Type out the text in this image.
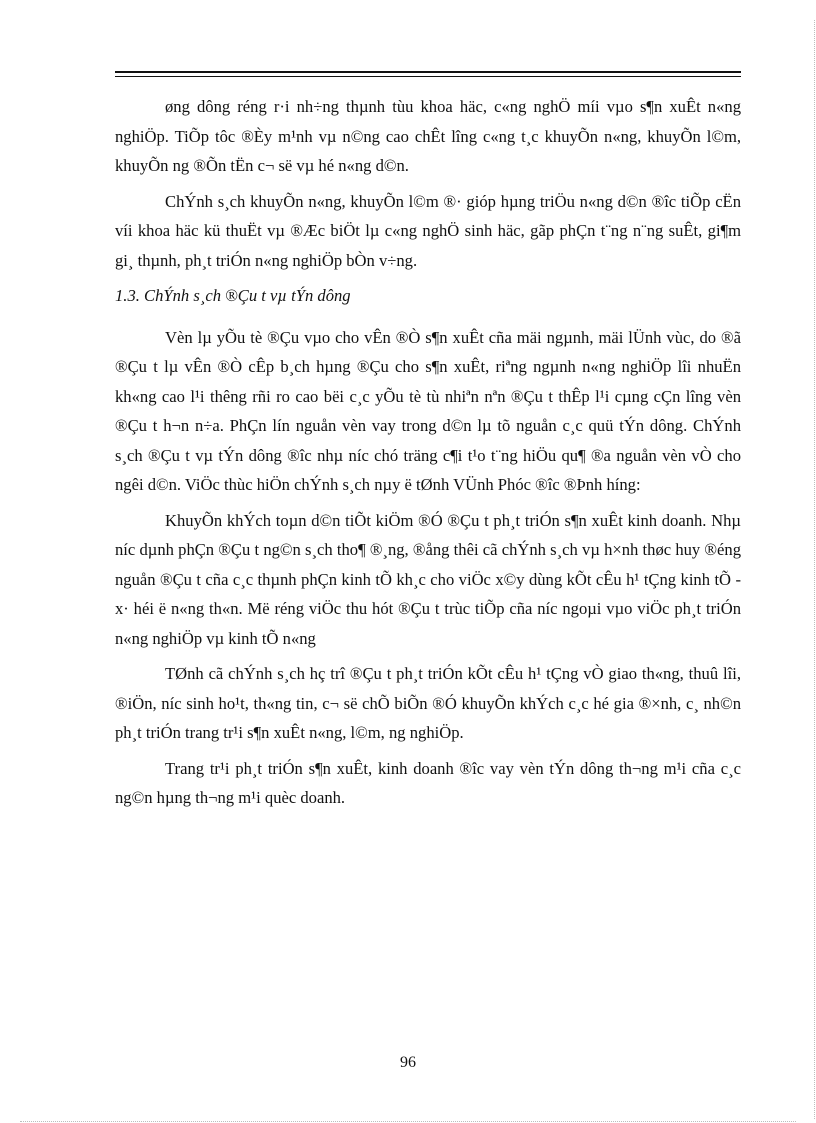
øng dông réng r·i nh÷ng thµnh tùu khoa häc, c«ng nghÖ míi vµo s¶n xuÊt n«ng nghiÖp. TiÕp tôc ®Èy m¹nh vµ n©ng cao chÊt lîng c«ng t¸c khuyÕn n«ng, khuyÕn l©m, khuyÕn ng ®Õn tËn c¬ së vµ hé n«ng d©n.

ChÝnh s¸ch khuyÕn n«ng, khuyÕn l©m ®· gióp hµng triÖu n«ng d©n ®îc tiÕp cËn víi khoa häc kü thuËt vµ ®Æc biÖt lµ c«ng nghÖ sinh häc, gãp phÇn t¨ng n¨ng suÊt, gi¶m gi¸ thµnh, ph¸t triÓn n«ng nghiÖp bÒn v÷ng.

1.3. ChÝnh s¸ch ®Çu t vµ tÝn dông

Vèn lµ yÕu tè ®Çu vµo cho vÊn ®Ò s¶n xuÊt cña mäi ngµnh, mäi lÜnh vùc, do ®ã ®Çu t lµ vÊn ®Ò cÊp b¸ch hµng ®Çu cho s¶n xuÊt, riªng ngµnh n«ng nghiÖp lîi nhuËn kh«ng cao l¹i thêng rñi ro cao bëi c¸c yÕu tè tù nhiªn nªn ®Çu t thÊp l¹i cµng cÇn lîng vèn ®Çu t h¬n n÷a. PhÇn lín nguån vèn vay trong d©n lµ tõ nguån c¸c quü tÝn dông. ChÝnh s¸ch ®Çu t vµ tÝn dông ®îc nhµ níc chó träng c¶i t¹o t¨ng hiÖu qu¶ ®a nguån vèn vÒ cho ngêi d©n. ViÖc thùc hiÖn chÝnh s¸ch nµy ë tØnh VÜnh Phóc ®îc ®Þnh híng:

KhuyÕn khÝch toµn d©n tiÕt kiÖm ®Ó ®Çu t ph¸t triÓn s¶n xuÊt kinh doanh. Nhµ níc dµnh phÇn ®Çu t ng©n s¸ch tho¶ ®¸ng, ®ång thêi cã chÝnh s¸ch vµ h×nh thøc huy ®éng nguån ®Çu t cña c¸c thµnh phÇn kinh tÕ kh¸c cho viÖc x©y dùng kÕt cÊu h¹ tÇng kinh tÕ - x· héi ë n«ng th«n. Më réng viÖc thu hót ®Çu t trùc tiÕp cña níc ngoµi vµo viÖc ph¸t triÓn n«ng nghiÖp vµ kinh tÕ n«ng

TØnh cã chÝnh s¸ch hç trî ®Çu t ph¸t triÓn kÕt cÊu h¹ tÇng vÒ giao th«ng, thuû lîi, ®iÖn, níc sinh ho¹t, th«ng tin, c¬ së chÕ biÕn ®Ó khuyÕn khÝch c¸c hé gia ®×nh, c¸ nh©n ph¸t triÓn trang tr¹i s¶n xuÊt n«ng, l©m, ng nghiÖp.

Trang tr¹i ph¸t triÓn s¶n xuÊt, kinh doanh ®îc vay vèn tÝn dông th¬ng m¹i cña c¸c ng©n hµng th¬ng m¹i quèc doanh.

96
